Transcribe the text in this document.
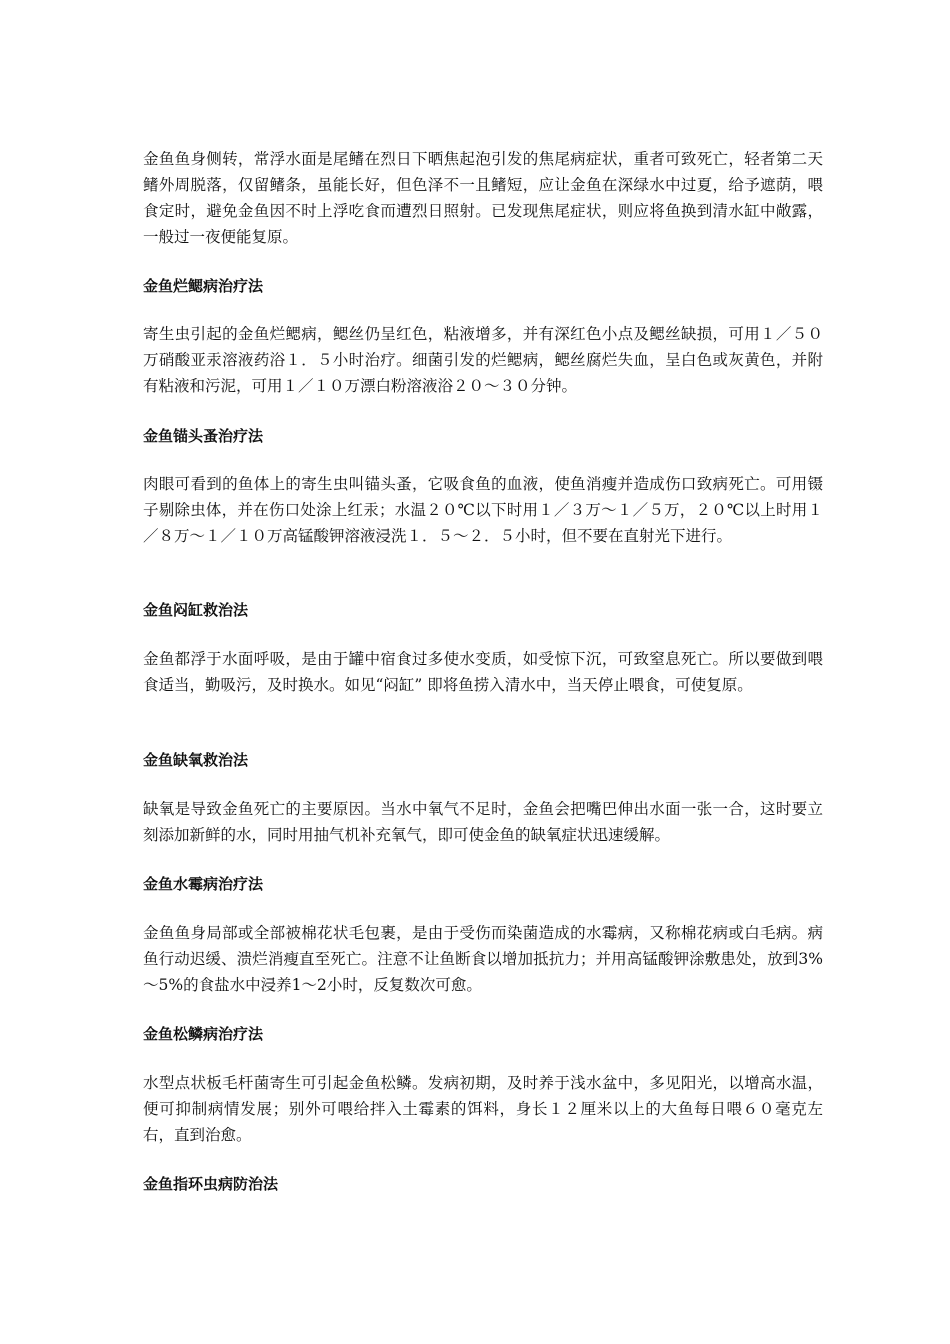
金鱼鱼身侧转，常浮水面是尾鳍在烈日下晒焦起泡引发的焦尾病症状，重者可致死亡，轻者第二天鳍外周脱落，仅留鳍条，虽能长好，但色泽不一且鳍短，应让金鱼在深绿水中过夏，给予遮荫，喂食定时，避免金鱼因不时上浮吃食而遭烈日照射。已发现焦尾症状，则应将鱼换到清水缸中敞露，一般过一夜便能复原。

金鱼烂鳃病治疗法

寄生虫引起的金鱼烂鳃病，鳃丝仍呈红色，粘液增多，并有深红色小点及鳃丝缺损，可用１／５０万硝酸亚汞溶液药浴１．５小时治疗。细菌引发的烂鳃病，鳃丝腐烂失血，呈白色或灰黄色，并附有粘液和污泥，可用１／１０万漂白粉溶液浴２０～３０分钟。

金鱼锚头蚤治疗法

肉眼可看到的鱼体上的寄生虫叫锚头蚤，它吸食鱼的血液，使鱼消瘦并造成伤口致病死亡。可用镊子剔除虫体，并在伤口处涂上红汞；水温２０℃以下时用１／３万～１／５万，２０℃以上时用１／８万～１／１０万高锰酸钾溶液浸洗１．５～２．５小时，但不要在直射光下进行。

金鱼闷缸救治法

金鱼都浮于水面呼吸，是由于罐中宿食过多使水变质，如受惊下沉，可致窒息死亡。所以要做到喂食适当，勤吸污，及时换水。如见“闷缸” 即将鱼捞入清水中，当天停止喂食，可使复原。

金鱼缺氧救治法

缺氧是导致金鱼死亡的主要原因。当水中氧气不足时，金鱼会把嘴巴伸出水面一张一合，这时要立刻添加新鲜的水，同时用抽气机补充氧气，即可使金鱼的缺氧症状迅速缓解。

金鱼水霉病治疗法

金鱼鱼身局部或全部被棉花状毛包裹，是由于受伤而染菌造成的水霉病，又称棉花病或白毛病。病鱼行动迟缓、溃烂消瘦直至死亡。注意不让鱼断食以增加抵抗力；并用高锰酸钾涂敷患处，放到3%～5%的食盐水中浸养1～2小时，反复数次可愈。

金鱼松鳞病治疗法

水型点状板毛杆菌寄生可引起金鱼松鳞。发病初期，及时养于浅水盆中，多见阳光，以增高水温，便可抑制病情发展；别外可喂给拌入土霉素的饵料，身长１２厘米以上的大鱼每日喂６０毫克左右，直到治愈。

金鱼指环虫病防治法
